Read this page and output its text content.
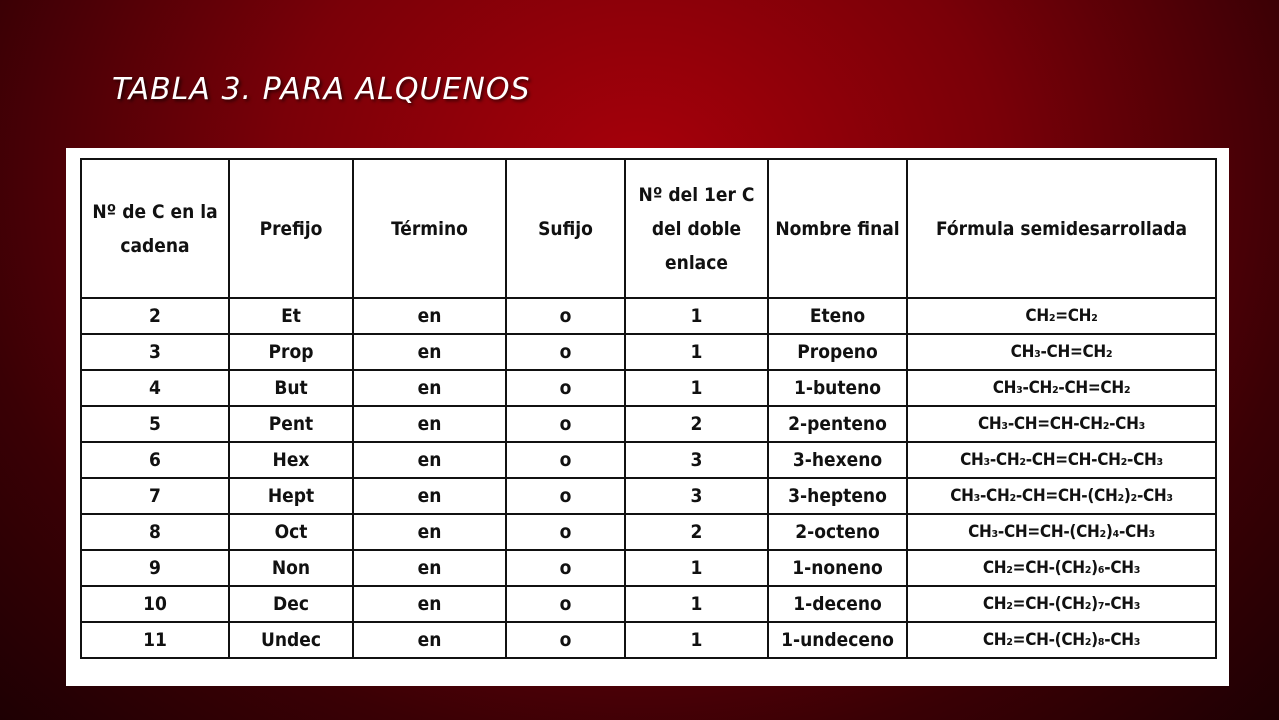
TABLA 3. PARA ALQUENOS
Nº de C en la cadena	Prefijo	Término	Sufijo	Nº del 1er C del doble enlace	Nombre final	Fórmula semidesarrollada
2	Et	en	o	1	Eteno	CH₂=CH₂
3	Prop	en	o	1	Propeno	CH₃-CH=CH₂
4	But	en	o	1	1-buteno	CH₃-CH₂-CH=CH₂
5	Pent	en	o	2	2-penteno	CH₃-CH=CH-CH₂-CH₃
6	Hex	en	o	3	3-hexeno	CH₃-CH₂-CH=CH-CH₂-CH₃
7	Hept	en	o	3	3-hepteno	CH₃-CH₂-CH=CH-(CH₂)₂-CH₃
8	Oct	en	o	2	2-octeno	CH₃-CH=CH-(CH₂)₄-CH₃
9	Non	en	o	1	1-noneno	CH₂=CH-(CH₂)₆-CH₃
10	Dec	en	o	1	1-deceno	CH₂=CH-(CH₂)₇-CH₃
11	Undec	en	o	1	1-undeceno	CH₂=CH-(CH₂)₈-CH₃
